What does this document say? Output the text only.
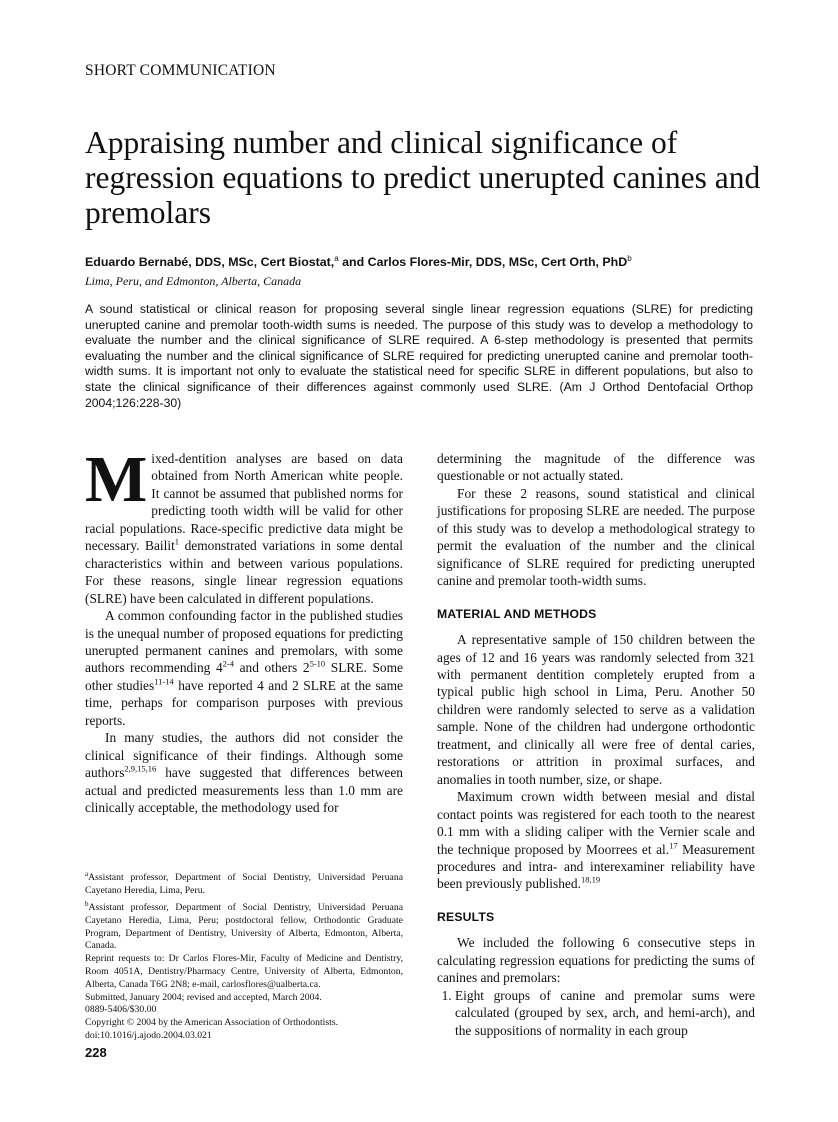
SHORT COMMUNICATION
Appraising number and clinical significance of regression equations to predict unerupted canines and premolars
Eduardo Bernabé, DDS, MSc, Cert Biostat,$^a$ and Carlos Flores-Mir, DDS, MSc, Cert Orth, PhD$^b$
Lima, Peru, and Edmonton, Alberta, Canada
A sound statistical or clinical reason for proposing several single linear regression equations (SLRE) for predicting unerupted canine and premolar tooth-width sums is needed. The purpose of this study was to develop a methodology to evaluate the number and the clinical significance of SLRE required. A 6-step methodology is presented that permits evaluating the number and the clinical significance of SLRE required for predicting unerupted canine and premolar tooth-width sums. It is important not only to evaluate the statistical need for specific SLRE in different populations, but also to state the clinical significance of their differences against commonly used SLRE. (Am J Orthod Dentofacial Orthop 2004;126:228-30)
M ixed-dentition analyses are based on data obtained from North American white people. It cannot be assumed that published norms for predicting tooth width will be valid for other racial populations. Race-specific predictive data might be necessary. Bailit$^1$ demonstrated variations in some dental characteristics within and between various populations. For these reasons, single linear regression equations (SLRE) have been calculated in different populations.

A common confounding factor in the published studies is the unequal number of proposed equations for predicting unerupted permanent canines and premolars, with some authors recommending 4$^{2-4}$ and others 2$^{5-10}$ SLRE. Some other studies$^{11-14}$ have reported 4 and 2 SLRE at the same time, perhaps for comparison purposes with previous reports.

In many studies, the authors did not consider the clinical significance of their findings. Although some authors$^{2,9,15,16}$ have suggested that differences between actual and predicted measurements less than 1.0 mm are clinically acceptable, the methodology used for

determining the magnitude of the difference was questionable or not actually stated.

For these 2 reasons, sound statistical and clinical justifications for proposing SLRE are needed. The purpose of this study was to develop a methodological strategy to permit the evaluation of the number and the clinical significance of SLRE required for predicting unerupted canine and premolar tooth-width sums.

MATERIAL AND METHODS

A representative sample of 150 children between the ages of 12 and 16 years was randomly selected from 321 with permanent dentition completely erupted from a typical public high school in Lima, Peru. Another 50 children were randomly selected to serve as a validation sample. None of the children had undergone orthodontic treatment, and clinically all were free of dental caries, restorations or attrition in proximal surfaces, and anomalies in tooth number, size, or shape.

Maximum crown width between mesial and distal contact points was registered for each tooth to the nearest 0.1 mm with a sliding caliper with the Vernier scale and the technique proposed by Moorrees et al.$^{17}$ Measurement procedures and intra- and interexaminer reliability have been previously published.$^{18,19}$

RESULTS

We included the following 6 consecutive steps in calculating regression equations for predicting the sums of canines and premolars:

1. Eight groups of canine and premolar sums were calculated (grouped by sex, arch, and hemi-arch), and the suppositions of normality in each group
$^a$Assistant professor, Department of Social Dentistry, Universidad Peruana Cayetano Heredia, Lima, Peru.
$^b$Assistant professor, Department of Social Dentistry, Universidad Peruana Cayetano Heredia, Lima, Peru; postdoctoral fellow, Orthodontic Graduate Program, Department of Dentistry, University of Alberta, Edmonton, Alberta, Canada.
Reprint requests to: Dr Carlos Flores-Mir, Faculty of Medicine and Dentistry, Room 4051A, Dentistry/Pharmacy Centre, University of Alberta, Edmonton, Alberta, Canada T6G 2N8; e-mail, carlosflores@ualberta.ca.
Submitted, January 2004; revised and accepted, March 2004.
0889-5406/$30.00
Copyright © 2004 by the American Association of Orthodontists.
doi:10.1016/j.ajodo.2004.03.021
228
